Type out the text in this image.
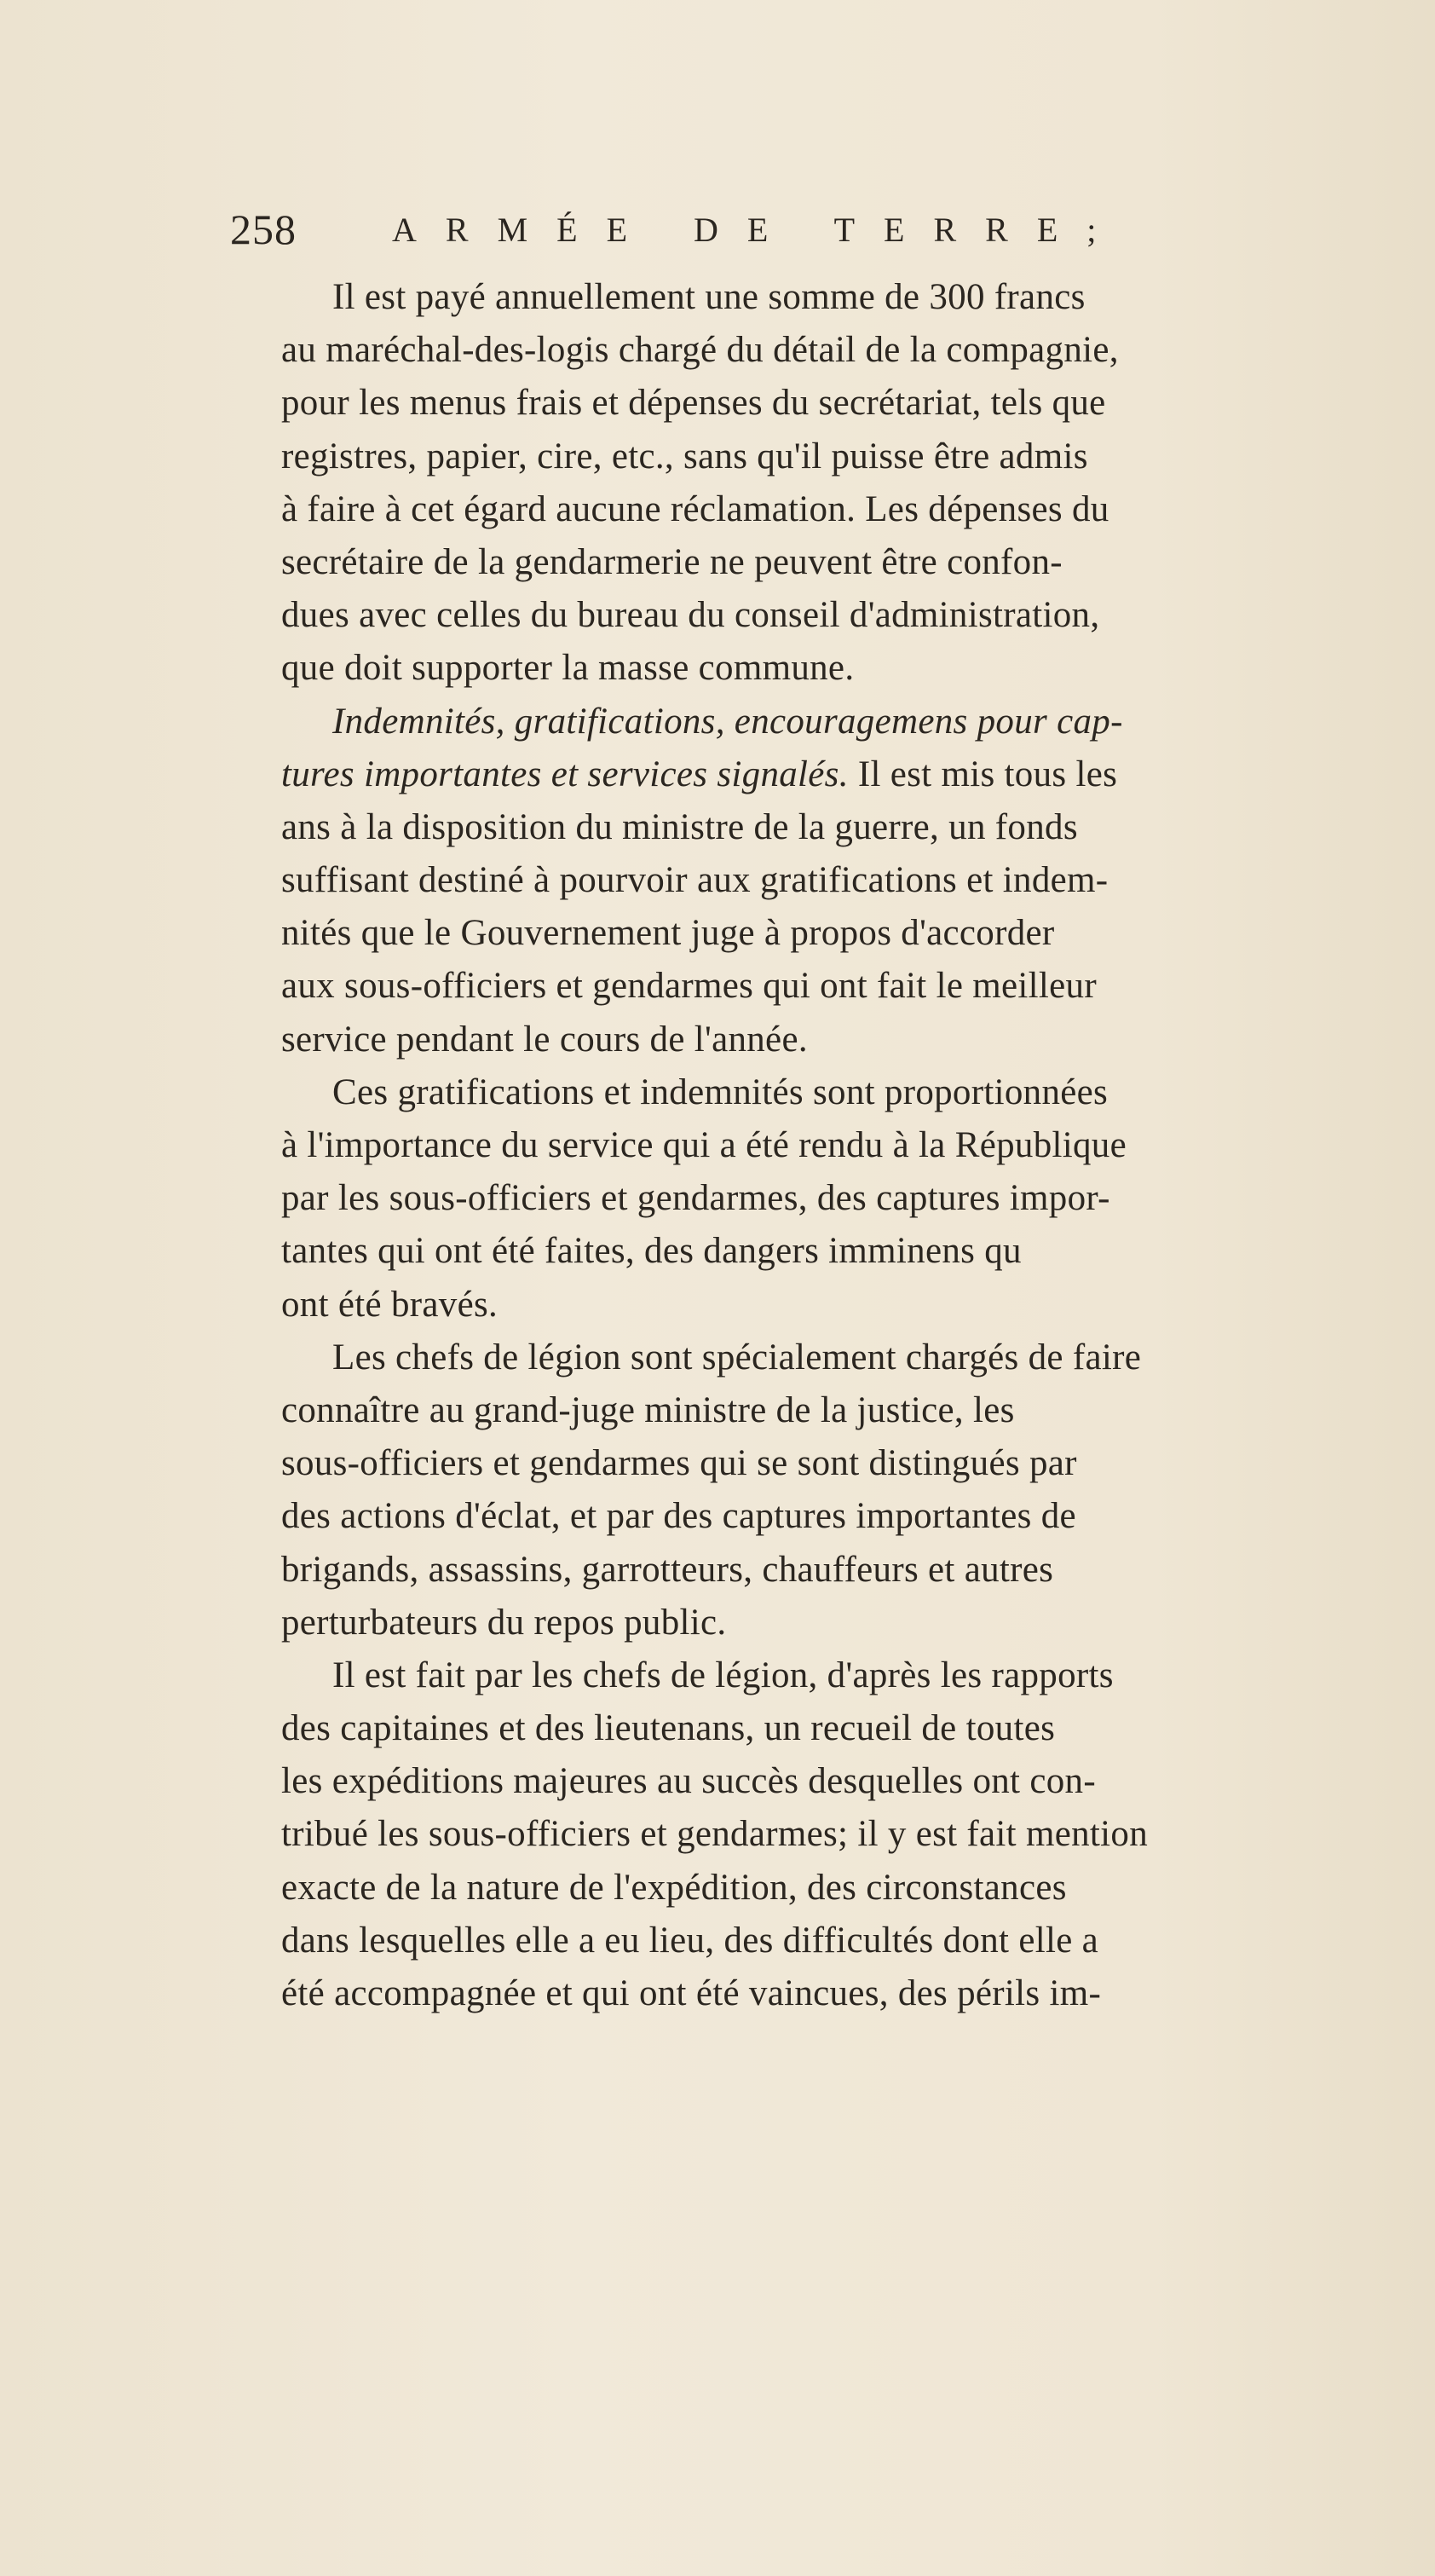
258	ARMÉE DE TERRE;
Il est payé annuellement une somme de 300 francs
au maréchal-des-logis chargé du détail de la compagnie,
pour les menus frais et dépenses du secrétariat, tels que
registres, papier, cire, etc., sans qu'il puisse être admis
à faire à cet égard aucune réclamation. Les dépenses du
secrétaire de la gendarmerie ne peuvent être confon-
dues avec celles du bureau du conseil d'administration,
que doit supporter la masse commune.
Indemnités, gratifications, encouragemens pour cap-
tures importantes et services signalés. Il est mis tous les
ans à la disposition du ministre de la guerre, un fonds
suffisant destiné à pourvoir aux gratifications et indem-
nités que le Gouvernement juge à propos d'accorder
aux sous-officiers et gendarmes qui ont fait le meilleur
service pendant le cours de l'année.
Ces gratifications et indemnités sont proportionnées
à l'importance du service qui a été rendu à la République
par les sous-officiers et gendarmes, des captures impor-
tantes qui ont été faites, des dangers imminens qu
ont été bravés.
Les chefs de légion sont spécialement chargés de faire
connaître au grand-juge ministre de la justice, les
sous-officiers et gendarmes qui se sont distingués par
des actions d'éclat, et par des captures importantes de
brigands, assassins, garrotteurs, chauffeurs et autres
perturbateurs du repos public.
Il est fait par les chefs de légion, d'après les rapports
des capitaines et des lieutenans, un recueil de toutes
les expéditions majeures au succès desquelles ont con-
tribué les sous-officiers et gendarmes; il y est fait mention
exacte de la nature de l'expédition, des circonstances
dans lesquelles elle a eu lieu, des difficultés dont elle a
été accompagnée et qui ont été vaincues, des périls im-
